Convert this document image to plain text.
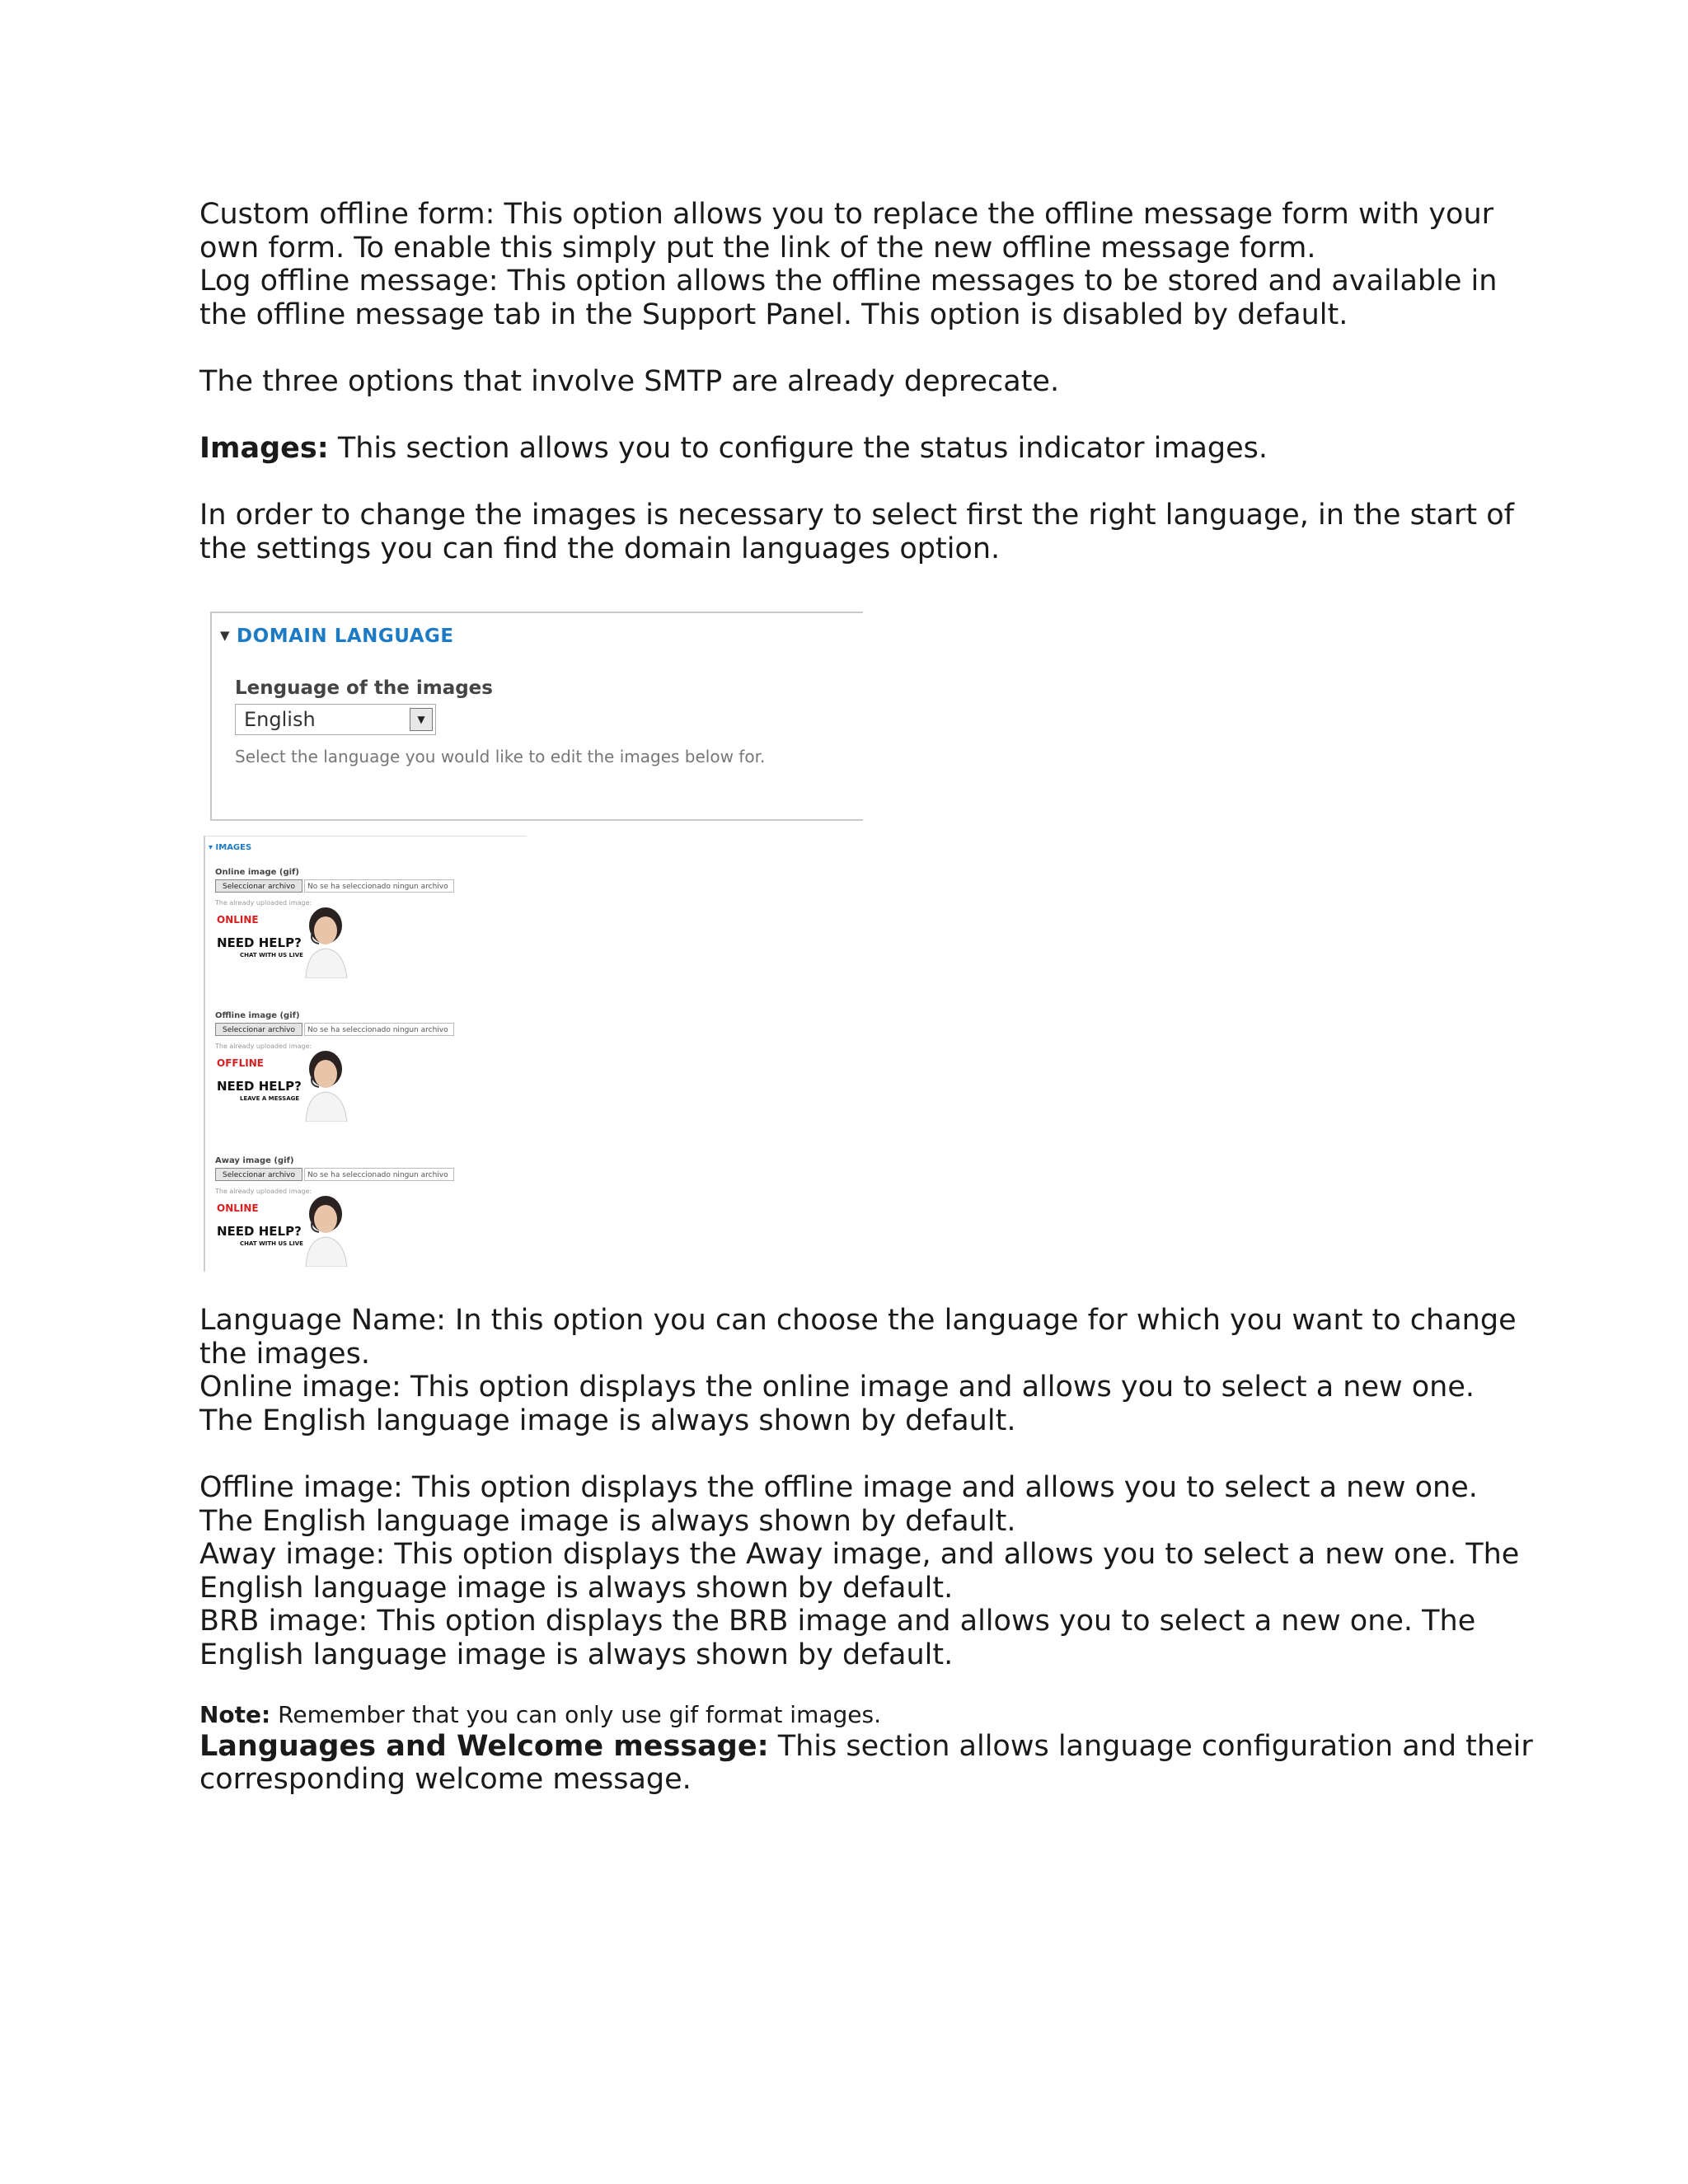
Custom offline form: This option allows you to replace the offline message form with your own form. To enable this simply put the link of the new offline message form.

Log offline message: This option allows the offline messages to be stored and available in the offline message tab in the Support Panel. This option is disabled by default.

The three options that involve SMTP are already deprecate.

Images: This section allows you to configure the status indicator images.

In order to change the images is necessary to select first the right language, in the start of the settings you can find the domain languages option.

▼ DOMAIN LANGUAGE
Lenguage of the images
English	▼
Select the language you would like to edit the images below for.
▾ IMAGES
Online image (gif)
Seleccionar archivo	No se ha seleccionado ningun archivo
The already uploaded image:
ONLINE
NEED HELP?
CHAT WITH US LIVE
Offline image (gif)
Seleccionar archivo	No se ha seleccionado ningun archivo
The already uploaded image:
OFFLINE
NEED HELP?
LEAVE A MESSAGE
Away image (gif)
Seleccionar archivo	No se ha seleccionado ningun archivo
The already uploaded image:
ONLINE
NEED HELP?
CHAT WITH US LIVE

Language Name: In this option you can choose the language for which you want to change the images.

Online image: This option displays the online image and allows you to select a new one. The English language image is always shown by default.

Offline image: This option displays the offline image and allows you to select a new one. The English language image is always shown by default.

Away image: This option displays the Away image, and allows you to select a new one. The English language image is always shown by default.

BRB image: This option displays the BRB image and allows you to select a new one. The English language image is always shown by default.

Note: Remember that you can only use gif format images.

Languages and Welcome message: This section allows language configuration and their corresponding welcome message.
